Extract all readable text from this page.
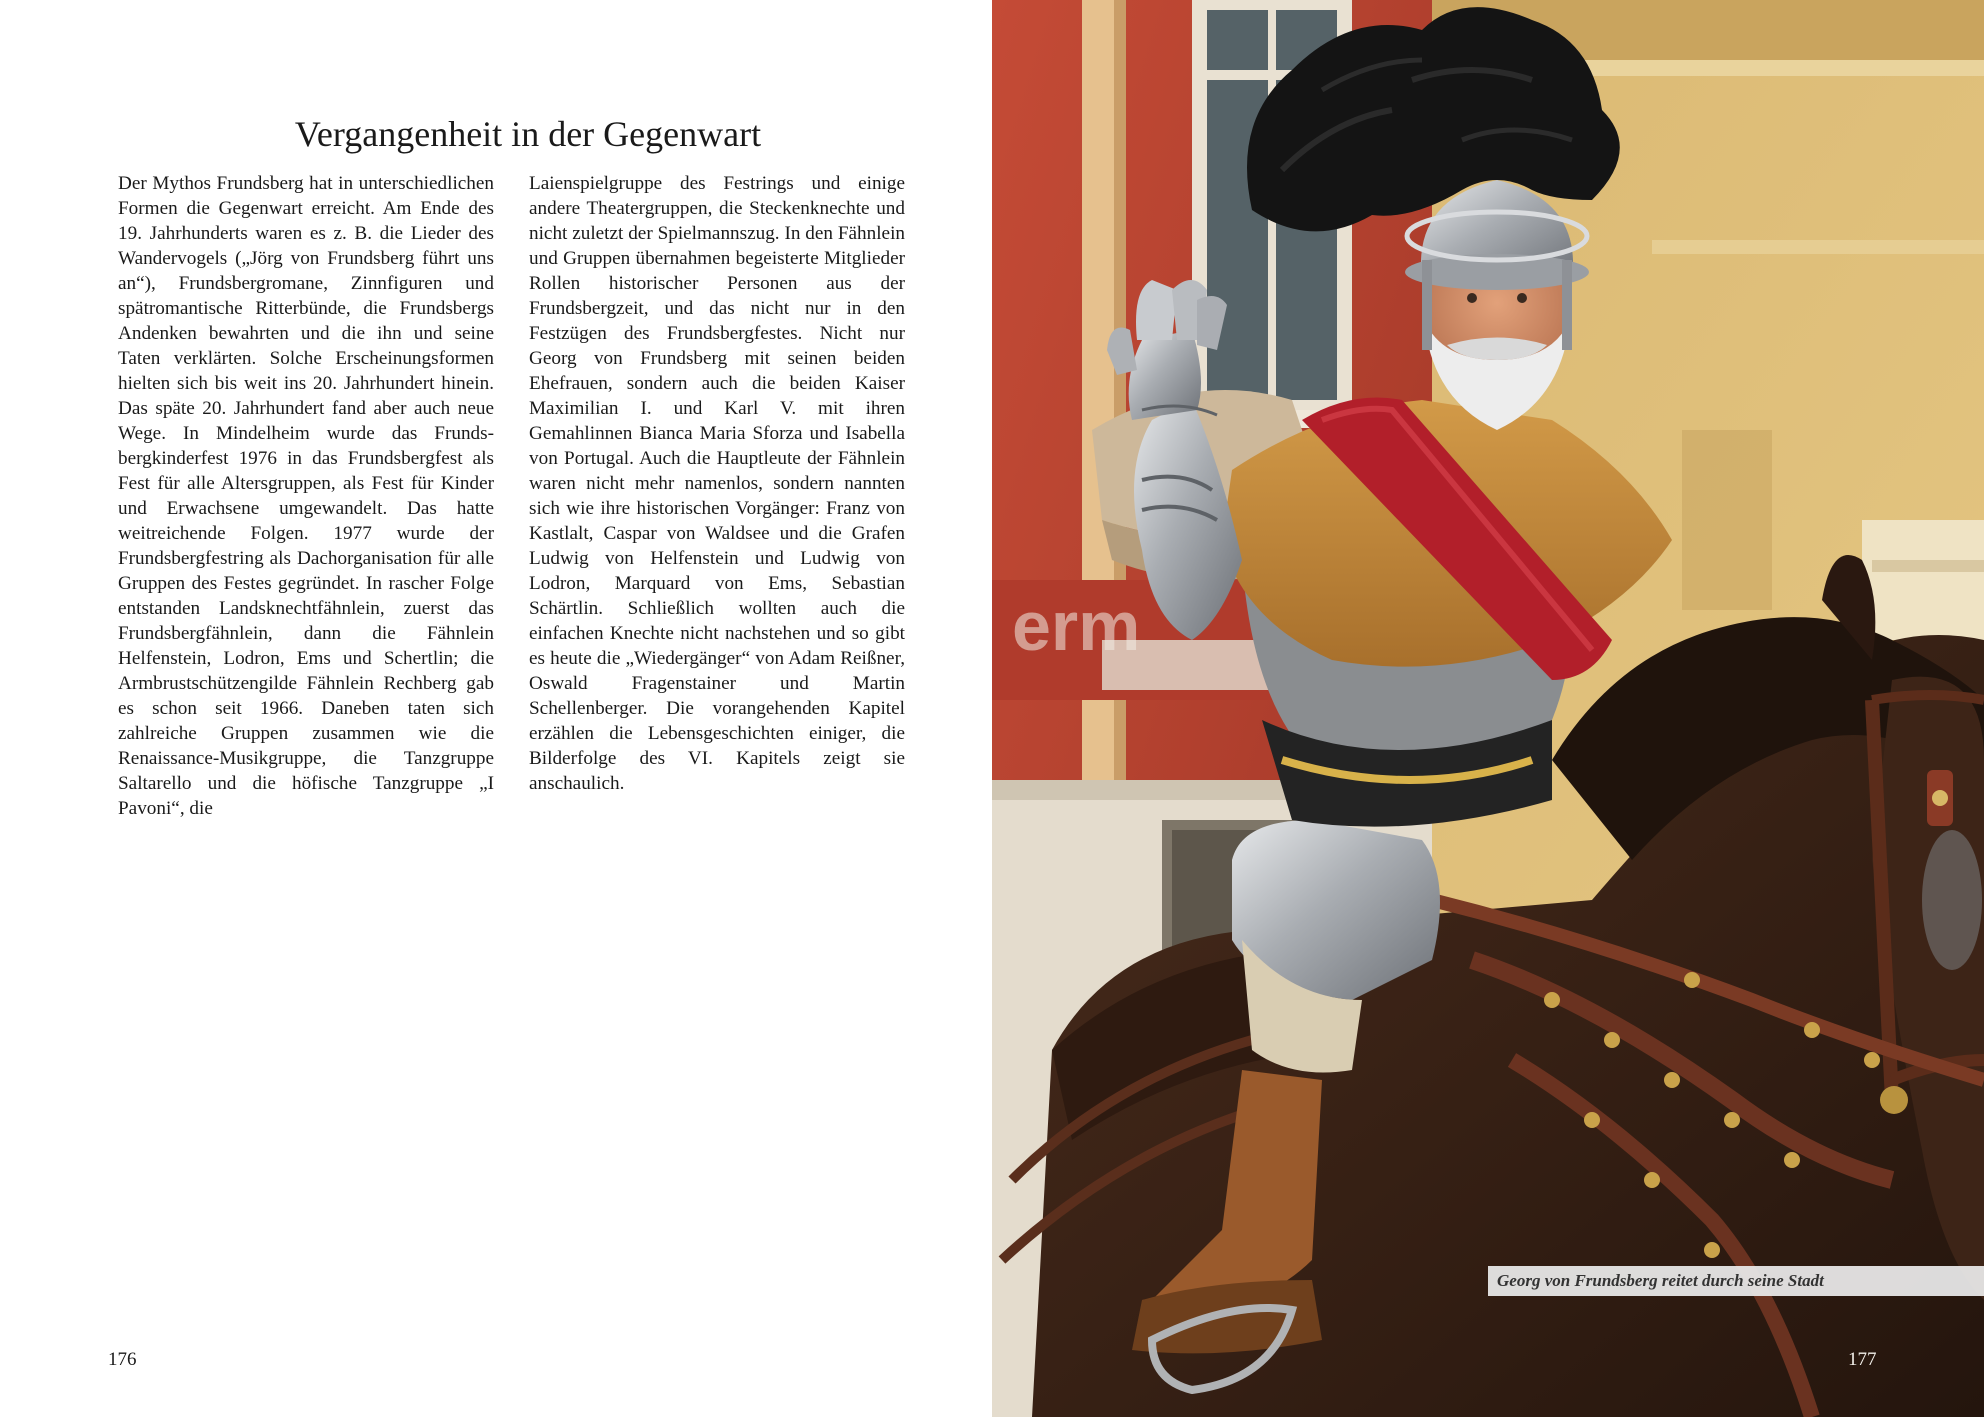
Vergangenheit in der Gegenwart

Der Mythos Frundsberg hat in unterschiedlichen Formen die Gegenwart erreicht. Am Ende des 19. Jahrhunderts waren es z. B. die Lieder des Wandervogels („Jörg von Frundsberg führt uns an“), Frundsbergromane, Zinnfiguren und spätromantische Ritterbünde, die Frundsbergs Andenken bewahrten und die ihn und seine Taten verklärten. Solche Erscheinungsformen hielten sich bis weit ins 20. Jahrhundert hinein. Das späte 20. Jahrhundert fand aber auch neue Wege. In Mindelheim wurde das Frundsbergkinderfest 1976 in das Frundsbergfest als Fest für alle Altersgruppen, als Fest für Kinder und Erwachsene umgewandelt. Das hatte weitreichende Folgen. 1977 wurde der Frundsbergfestring als Dachorganisation für alle Gruppen des Festes gegründet. In rascher Folge entstanden Landsknechtfähnlein, zuerst das Frundsbergfähnlein, dann die Fähnlein Helfenstein, Lodron, Ems und Schertlin; die Armbrustschützengilde Fähnlein Rechberg gab es schon seit 1966. Daneben taten sich zahlreiche Gruppen zusammen wie die Renaissance-Musikgruppe, die Tanzgruppe Saltarello und die höfische Tanzgruppe „I Pavoni“, die

Laienspielgruppe des Festrings und einige andere Theatergruppen, die Steckenknechte und nicht zuletzt der Spielmannszug. In den Fähnlein und Gruppen übernahmen begeisterte Mitglieder Rollen historischer Personen aus der Frundsbergzeit, und das nicht nur in den Festzügen des Frundsbergfestes. Nicht nur Georg von Frundsberg mit seinen beiden Ehefrauen, sondern auch die beiden Kaiser Maximilian I. und Karl V. mit ihren Gemahlinnen Bianca Maria Sforza und Isabella von Portugal. Auch die Hauptleute der Fähnlein waren nicht mehr namenlos, sondern nannten sich wie ihre historischen Vorgänger: Franz von Kastlalt, Caspar von Waldsee und die Grafen Ludwig von Helfenstein und Ludwig von Lodron, Marquard von Ems, Sebastian Schärtlin. Schließlich wollten auch die einfachen Knechte nicht nachstehen und so gibt es heute die „Wiedergänger“ von Adam Reißner, Oswald Fragenstainer und Martin Schellenberger. Die vorangehenden Kapitel erzählen die Lebensgeschichten einiger, die Bilderfolge des VI. Kapitels zeigt sie anschaulich.

176
erm
Georg von Frundsberg reitet durch seine Stadt
177
